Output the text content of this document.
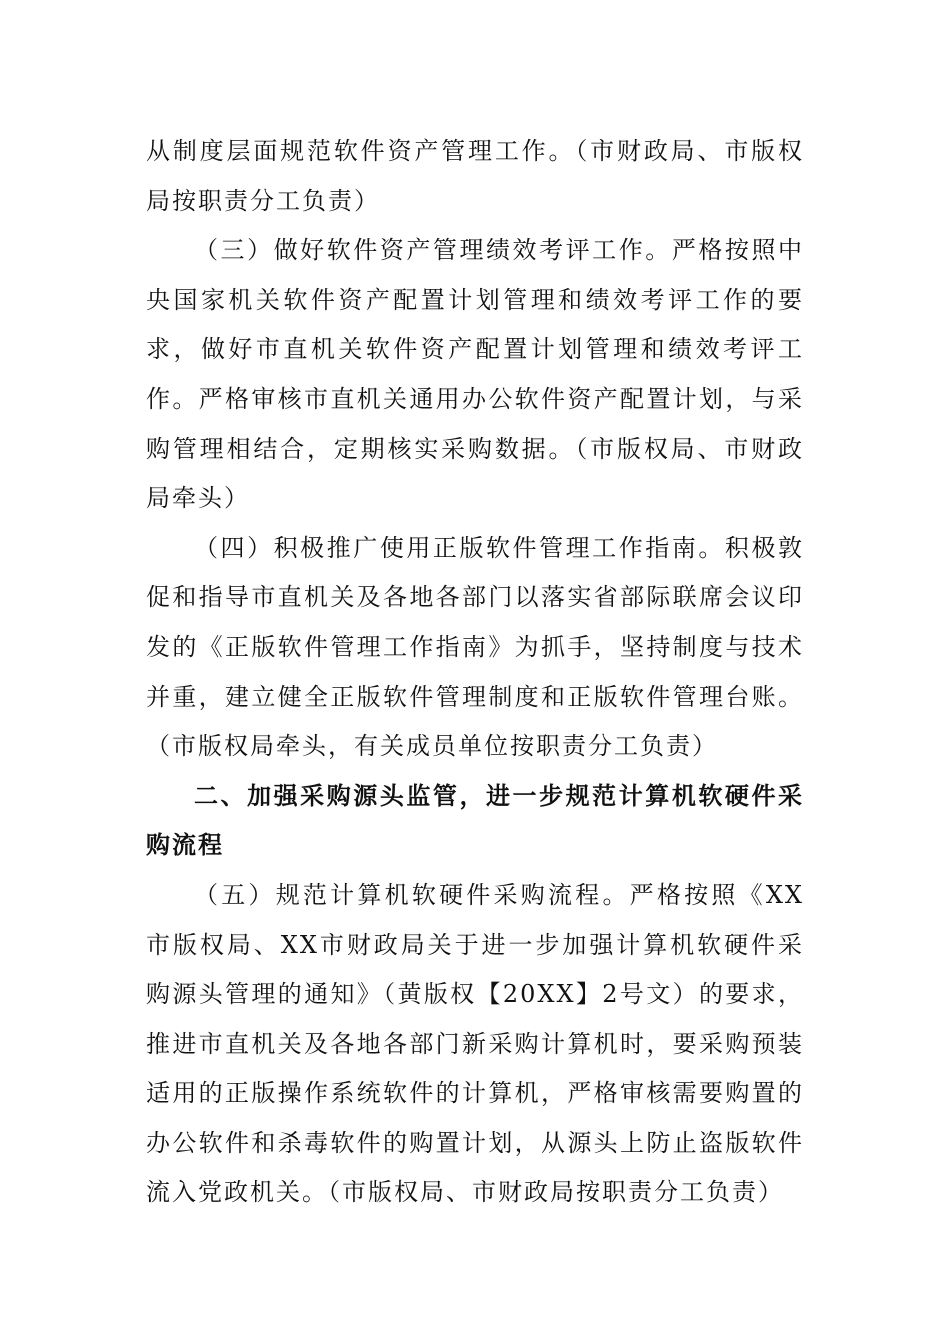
从制度层面规范软件资产管理工作。（市财政局、市版权局按职责分工负责）

（三）做好软件资产管理绩效考评工作。严格按照中央国家机关软件资产配置计划管理和绩效考评工作的要求，做好市直机关软件资产配置计划管理和绩效考评工作。严格审核市直机关通用办公软件资产配置计划，与采购管理相结合，定期核实采购数据。（市版权局、市财政局牵头）

（四）积极推广使用正版软件管理工作指南。积极敦促和指导市直机关及各地各部门以落实省部际联席会议印发的《正版软件管理工作指南》为抓手，坚持制度与技术并重，建立健全正版软件管理制度和正版软件管理台账。（市版权局牵头，有关成员单位按职责分工负责）

二、加强采购源头监管，进一步规范计算机软硬件采购流程

（五）规范计算机软硬件采购流程。严格按照《XX市版权局、XX市财政局关于进一步加强计算机软硬件采购源头管理的通知》（黄版权【20XX】2号文）的要求，推进市直机关及各地各部门新采购计算机时，要采购预装适用的正版操作系统软件的计算机，严格审核需要购置的办公软件和杀毒软件的购置计划，从源头上防止盗版软件流入党政机关。（市版权局、市财政局按职责分工负责）
